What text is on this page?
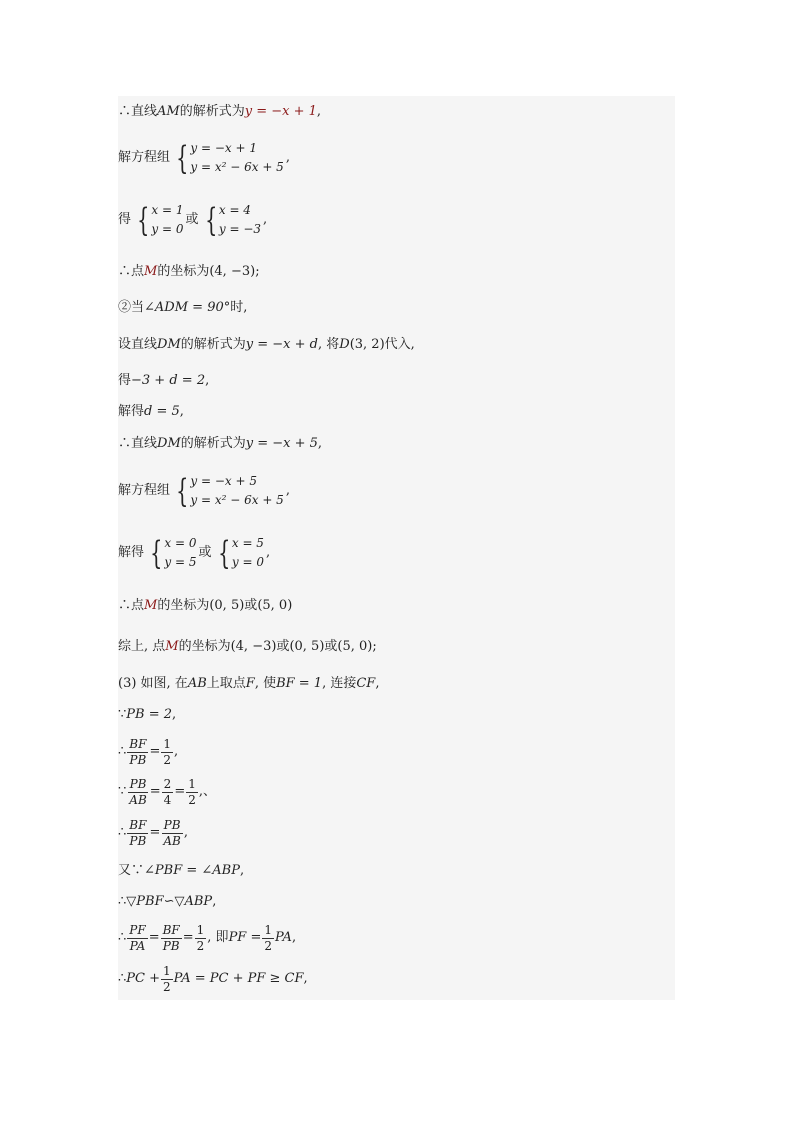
∴直线 AM 的解析式为 y = −x + 1 ,
解方程组 { y = −x + 1
y = x² − 6x + 5
,
得 { x = 1
y = 0
或 { x = 4
y = −3
,
∴点 M 的坐标为 (4, −3) ;
②当 ∠ADM = 90° 时,
设直线 DM 的解析式为 y = −x + d , 将 D (3, 2) 代入,
得 −3 + d = 2 ,
解得 d = 5 ,
∴直线 DM 的解析式为 y = −x + 5 ,
解方程组 { y = −x + 5
y = x² − 6x + 5
,
解得 { x = 0
y = 5
或 { x = 5
y = 0
,
∴点 M 的坐标为 (0, 5) 或 (5, 0)
综上, 点 M 的坐标为 (4, −3) 或 (0, 5) 或 (5, 0) ;
(3) 如图, 在 AB 上取点 F , 使 BF = 1 , 连接 CF ,
∵ PB = 2 ,
∴ $\frac{BF}{PB} = \frac{1}{2}$ ,
∵ $\frac{PB}{AB} = \frac{2}{4} = \frac{1}{2}$ ,、
∴ $\frac{BF}{PB} = \frac{PB}{AB}$ ,
又∵ ∠PBF = ∠ABP ,
∴ ▽PBF∽▽ABP ,
∴ $\frac{PF}{PA} = \frac{BF}{PB} = \frac{1}{2}$ , 即 PF = $\frac{1}{2}$ PA ,
∴ PC + $\frac{1}{2}$ PA = PC + PF ≥ CF ,
